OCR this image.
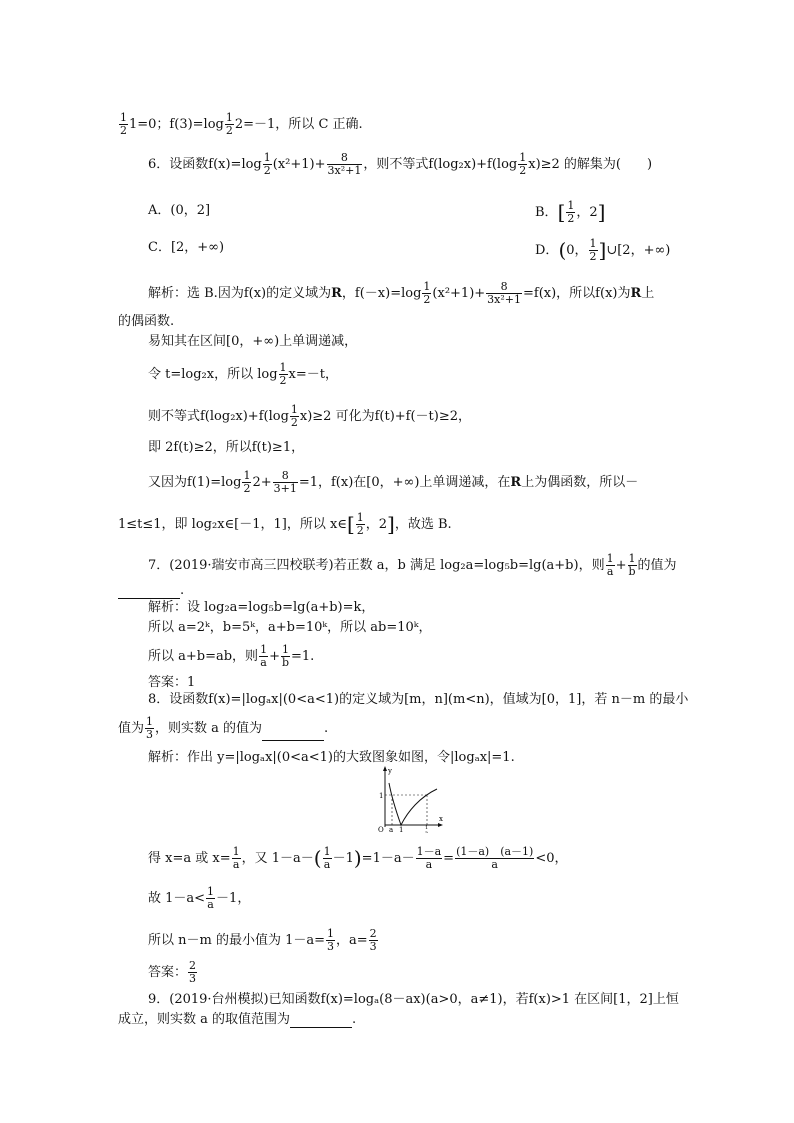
$\frac{1}{2} 1=0$；$f(3)=\log \frac{1}{2} 2=-1$，所以 C 正确.
6．设函数$f(x)=\log \frac{1}{2} (x^2+1)+ \frac{8}{\text{3x²+1}}$ ，则不等式$f(\log_2x)+f(\log \frac{1}{2} x)\ge 2$ 的解集为(　　)
A．(0，2]	B．[ $\frac{1}{2}$ ，2]
C．[2，+∞)	D．(0， $\frac{1}{2}$ ]∪[2，+∞)
解析：选 B.因为f(x)的定义域为R，$f(-x)=\log \frac{1}{2} (x^2+1)+ \frac{8}{\text{3x²+1}} =f(x)$，所以f(x)为R上
的偶函数.
易知其在区间[0，+∞)上单调递减，
令 t=log₂x，所以 $\log \frac{1}{2} x=-t$，
则不等式$f(\log_2x)+f(\log \frac{1}{2} x)\ge 2$ 可化为f(t)+f(－t)≥2，
即 2f(t)≥2，所以f(t)≥1，
又因为$f(1)=\log \frac{1}{2} 2+ \frac{8}{3+1} =1$，f(x)在[0，+∞)上单调递减，在R上为偶函数，所以－
1≤t≤1，即 log₂x∈[－1，1]，所以 x∈[ $\frac{1}{2}$ ，2]，故选 B.
7．(2019·瑞安市高三四校联考)若正数 a，b 满足 log₂a=log₅b=lg(a+b)，则 $\frac{1}{a} + \frac{1}{b}$ 的值为
.
解析：设 log₂a=log₅b=lg(a+b)=k，
所以 a=2ᵏ，b=5ᵏ，a+b=10ᵏ，所以 ab=10ᵏ，
所以 a+b=ab，则 $\frac{1}{a} + \frac{1}{b} =1$.
答案：1
8．设函数f(x)=|logₐx|(0<a<1)的定义域为[m，n](m<n)，值域为[0，1]，若 n－m 的最小
值为 $\frac{1}{3}$ ，则实数 a 的值为	.
解析：作出 y=|logₐx|(0<a<1)的大致图象如图，令|logₐx|=1.
y
x
1
O a 1	1
a
得 x=a 或 $x= \frac{1}{a}$ ，又 $1-a-( \frac{1}{a} -1)=1-a- \frac{1-a}{a} = \frac{(1-a) (a-1)}{a} <0$，
故 $1-a< \frac{1}{a} -1$，
所以 n－m 的最小值为 $1-a= \frac{1}{3}$ ，$a= \frac{2}{3}$
答案： $\frac{2}{3}$
9．(2019·台州模拟)已知函数f(x)=logₐ(8－ax)(a>0，a≠1)，若f(x)>1 在区间[1，2]上恒
成立，则实数 a 的取值范围为	.
